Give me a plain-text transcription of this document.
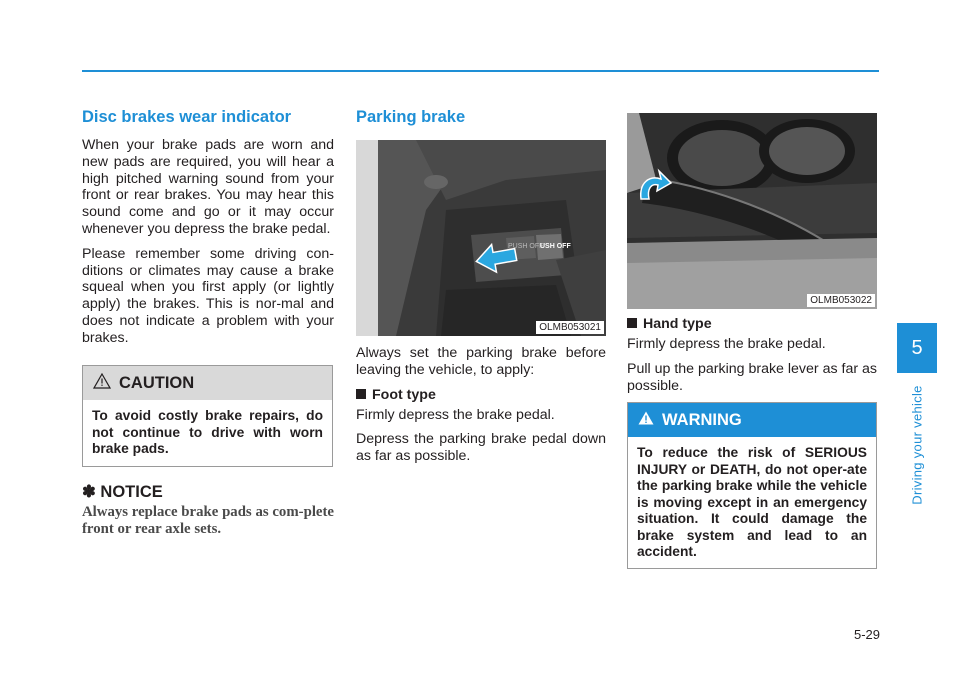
Disc brakes wear indicator

When your brake pads are worn and new pads are required, you will hear a high pitched warning sound from your front or rear brakes. You may hear this sound come and go or it may occur whenever you depress the brake pedal.

Please remember some driving con-ditions or climates may cause a brake squeal when you first apply (or lightly apply) the brakes. This is nor-mal and does not indicate a problem with your brakes.

CAUTION
To avoid costly brake repairs, do not continue to drive with worn brake pads.
✽ NOTICE
Always replace brake pads as com-plete front or rear axle sets.
Parking brake
PUSH OFF
USH OFF
OLMB053021

Always set the parking brake before leaving the vehicle, to apply:

Foot type

Firmly depress the brake pedal.

Depress the parking brake pedal down as far as possible.

OLMB053022
Hand type

Firmly depress the brake pedal.

Pull up the parking brake lever as far as possible.

WARNING
To reduce the risk of SERIOUS INJURY or DEATH, do not oper-ate the parking brake while the vehicle is moving except in an emergency situation. It could damage the brake system and lead to an accident.
5
Driving your vehicle
5-29
